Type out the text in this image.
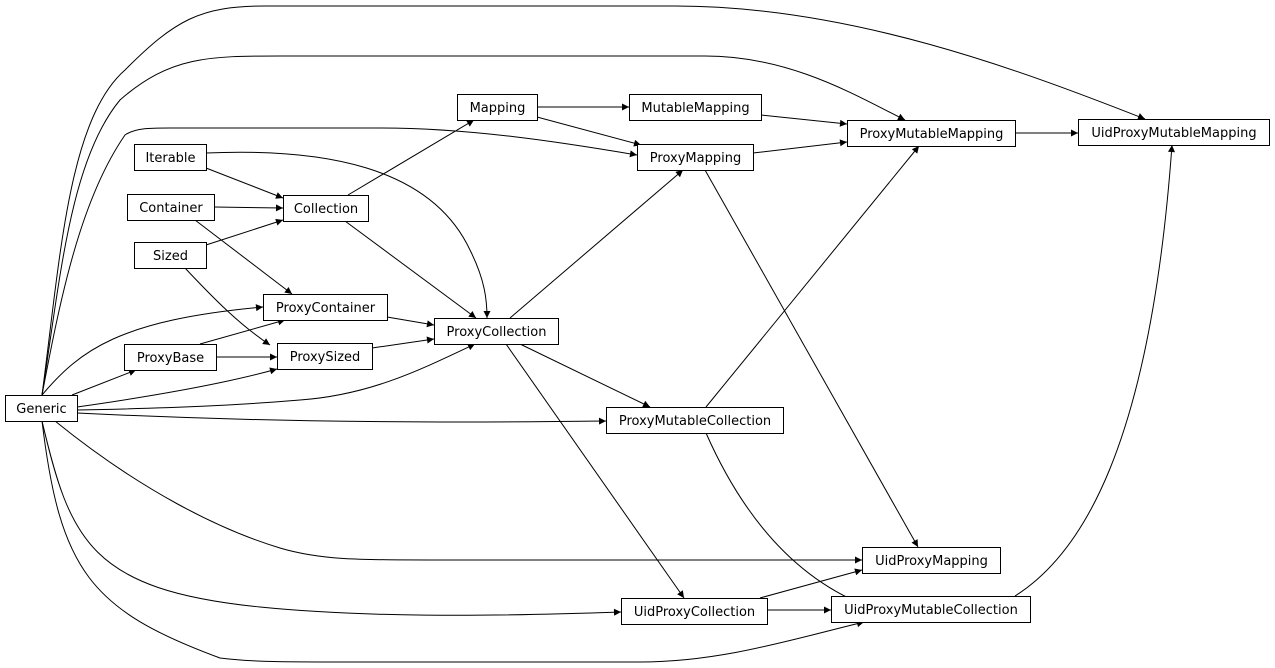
Generic
Iterable
Container
Sized
ProxyBase
Collection
ProxyContainer
ProxySized
Mapping
ProxyCollection
MutableMapping
ProxyMapping
ProxyMutableCollection
UidProxyCollection
ProxyMutableMapping
UidProxyMapping
UidProxyMutableCollection
UidProxyMutableMapping
